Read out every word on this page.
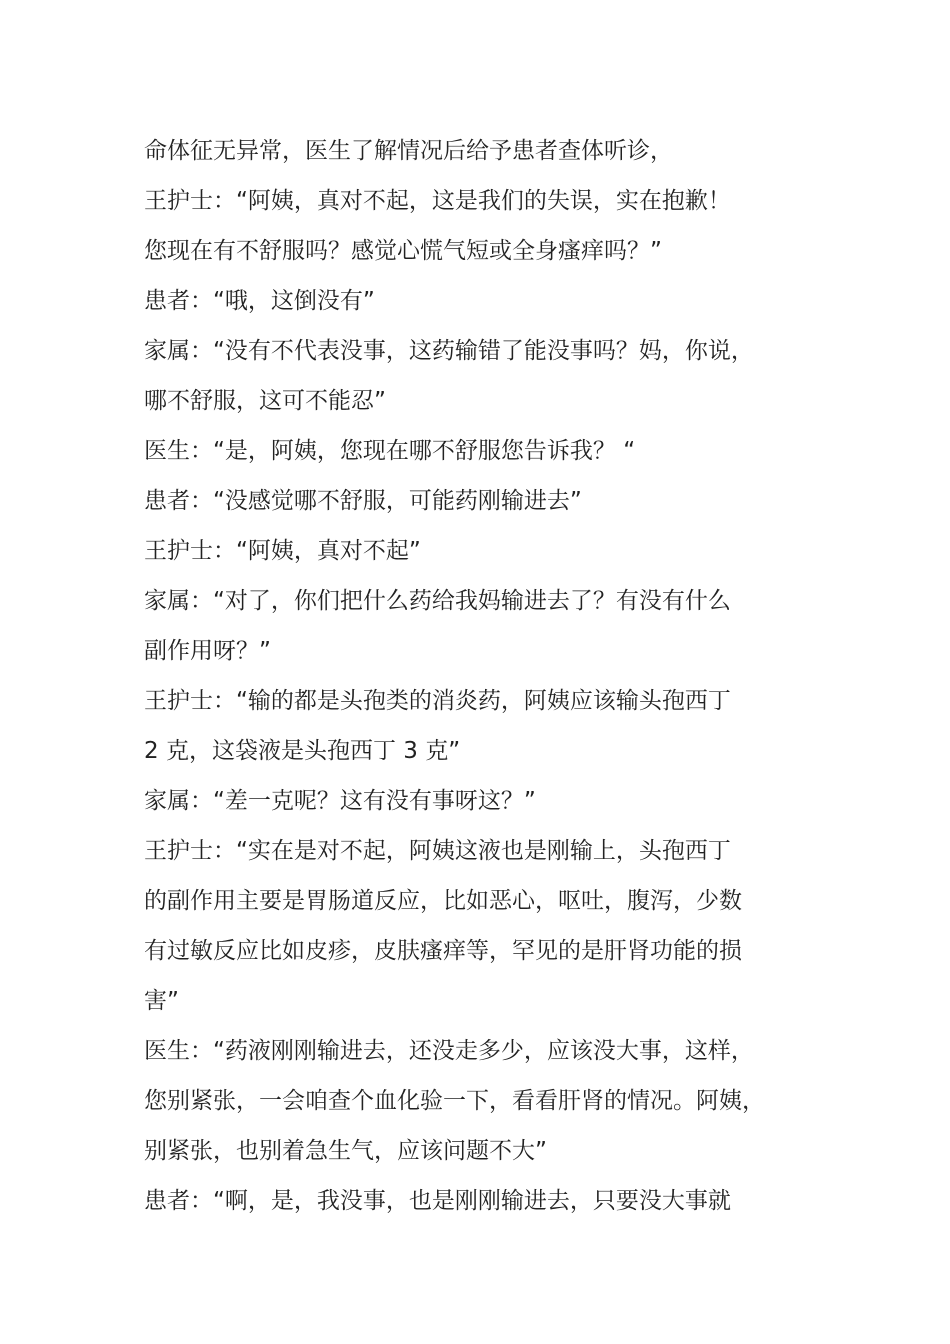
命体征无异常，医生了解情况后给予患者查体听诊，
王护士：“阿姨，真对不起，这是我们的失误，实在抱歉！
您现在有不舒服吗？感觉心慌气短或全身瘙痒吗？”
患者：“哦，这倒没有”
家属：“没有不代表没事，这药输错了能没事吗？妈，你说，
哪不舒服，这可不能忍”
医生：“是，阿姨，您现在哪不舒服您告诉我？ “
患者：“没感觉哪不舒服，可能药刚输进去”
王护士：“阿姨，真对不起”
家属：“对了，你们把什么药给我妈输进去了？有没有什么
副作用呀？”
王护士：“输的都是头孢类的消炎药，阿姨应该输头孢西丁
2 克，这袋液是头孢西丁 3 克”
家属：“差一克呢？这有没有事呀这？”
王护士：“实在是对不起，阿姨这液也是刚输上，头孢西丁
的副作用主要是胃肠道反应，比如恶心，呕吐，腹泻，少数
有过敏反应比如皮疹，皮肤瘙痒等，罕见的是肝肾功能的损
害”
医生：“药液刚刚输进去，还没走多少，应该没大事，这样，
您别紧张，一会咱查个血化验一下，看看肝肾的情况。阿姨，
别紧张，也别着急生气，应该问题不大”
患者：“啊，是，我没事，也是刚刚输进去，只要没大事就
